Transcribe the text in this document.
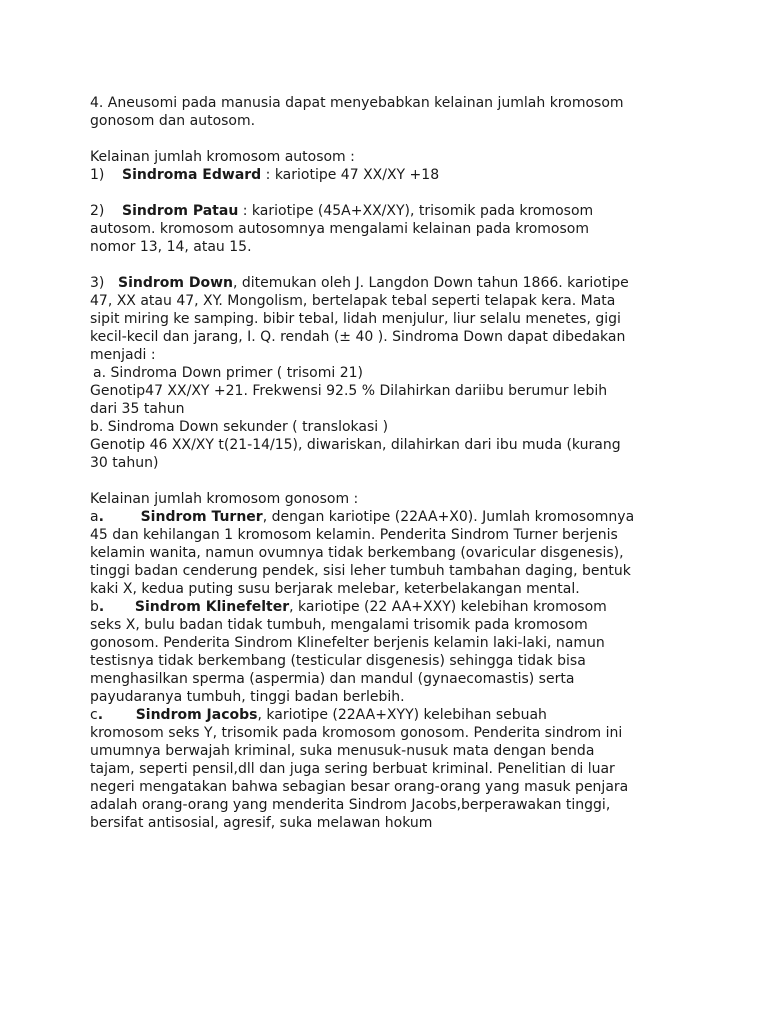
4. Aneusomi pada manusia dapat menyebabkan kelainan jumlah kromosom
gonosom dan autosom.
Kelainan jumlah kromosom autosom :
1) Sindroma Edward : kariotipe 47 XX/XY +18
2) Sindrom Patau : kariotipe (45A+XX/XY), trisomik pada kromosom
autosom. kromosom autosomnya mengalami kelainan pada kromosom
nomor 13, 14, atau 15.
3) Sindrom Down, ditemukan oleh J. Langdon Down tahun 1866. kariotipe
47, XX atau 47, XY. Mongolism, bertelapak tebal seperti telapak kera. Mata
sipit miring ke samping. bibir tebal, lidah menjulur, liur selalu menetes, gigi
kecil-kecil dan jarang, I. Q. rendah (± 40 ). Sindroma Down dapat dibedakan
menjadi :
a. Sindroma Down primer ( trisomi 21)
Genotip47 XX/XY +21. Frekwensi 92.5 % Dilahirkan dariibu berumur lebih
dari 35 tahun
b. Sindroma Down sekunder ( translokasi )
Genotip 46 XX/XY t(21-14/15), diwariskan, dilahirkan dari ibu muda (kurang
30 tahun)
Kelainan jumlah kromosom gonosom :
a.	Sindrom Turner, dengan kariotipe (22AA+X0). Jumlah kromosomnya
45 dan kehilangan 1 kromosom kelamin. Penderita Sindrom Turner berjenis
kelamin wanita, namun ovumnya tidak berkembang (ovaricular disgenesis),
tinggi badan cenderung pendek, sisi leher tumbuh tambahan daging, bentuk
kaki X, kedua puting susu berjarak melebar, keterbelakangan mental.
b. Sindrom Klinefelter, kariotipe (22 AA+XXY) kelebihan kromosom
seks X, bulu badan tidak tumbuh, mengalami trisomik pada kromosom
gonosom. Penderita Sindrom Klinefelter berjenis kelamin laki-laki, namun
testisnya tidak berkembang (testicular disgenesis) sehingga tidak bisa
menghasilkan sperma (aspermia) dan mandul (gynaecomastis) serta
payudaranya tumbuh, tinggi badan berlebih.
c. Sindrom Jacobs, kariotipe (22AA+XYY) kelebihan sebuah
kromosom seks Y, trisomik pada kromosom gonosom. Penderita sindrom ini
umumnya berwajah kriminal, suka menusuk-nusuk mata dengan benda
tajam, seperti pensil,dll dan juga sering berbuat kriminal. Penelitian di luar
negeri mengatakan bahwa sebagian besar orang-orang yang masuk penjara
adalah orang-orang yang menderita Sindrom Jacobs,berperawakan tinggi,
bersifat antisosial, agresif, suka melawan hokum
